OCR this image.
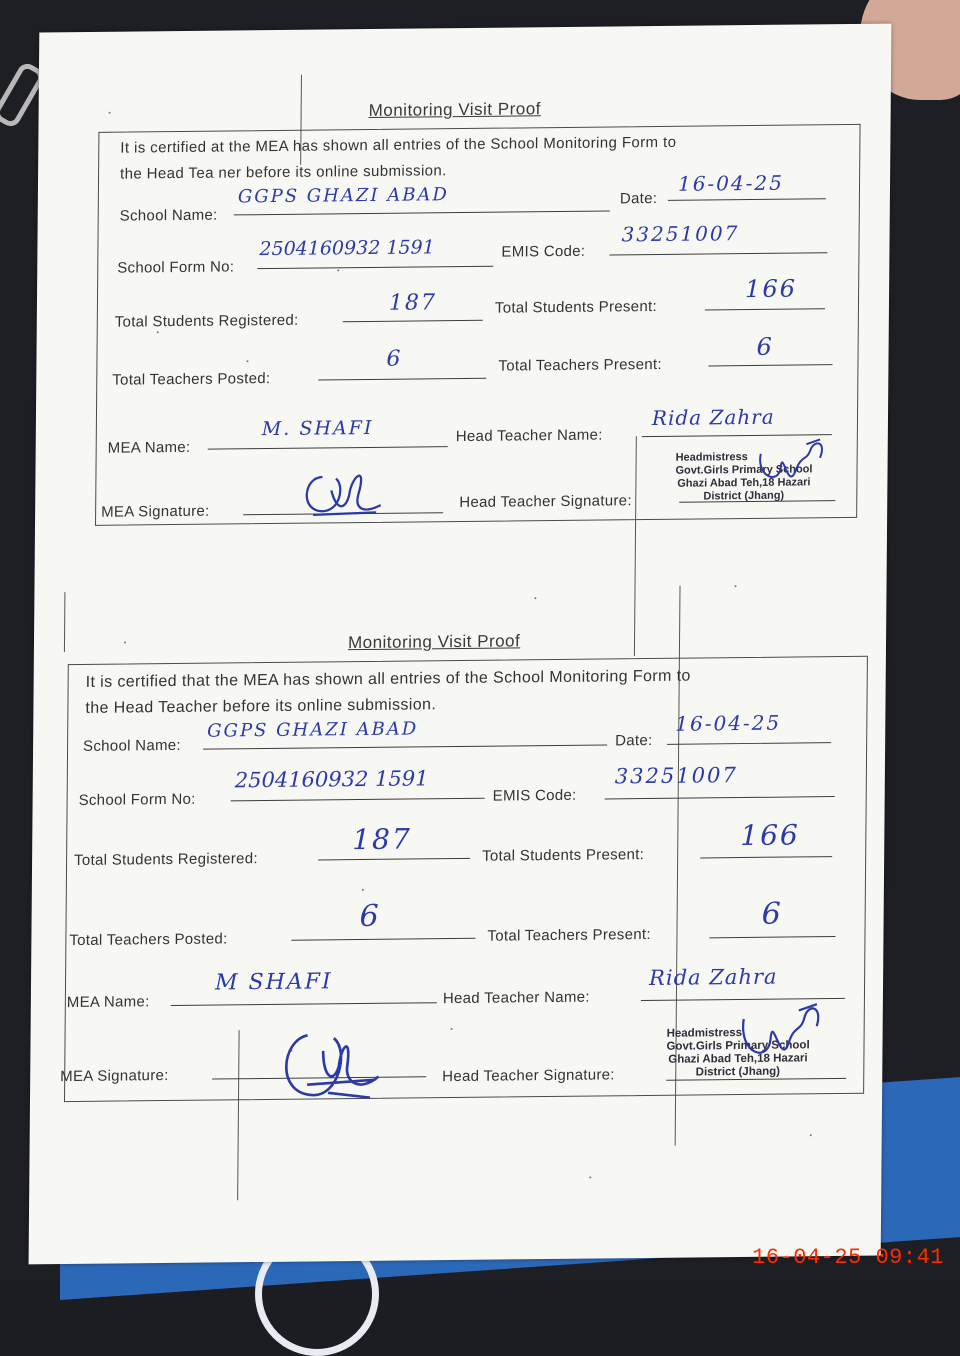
Monitoring Visit Proof
It is certified at the MEA has shown all entries of the School Monitoring Form to
the Head Tea ner before its online submission.
School Name:
GGPS GHAZI ABAD	Date:
16-04-25
School Form No:
2504160932 1591	EMIS Code:
33251007
Total Students Registered:
187	Total Students Present:
166
Total Teachers Posted:
6	Total Teachers Present:
6
MEA Name:
M. SHAFI	Head Teacher Name:
Rida Zahra
MEA Signature:
Head Teacher Signature:
Headmistress
Govt.Girls Primary School
Ghazi Abad Teh,18 Hazari
District (Jhang)
Monitoring Visit Proof
It is certified that the MEA has shown all entries of the School Monitoring Form to
the Head Teacher before its online submission.
School Name:
GGPS GHAZI ABAD	Date:
16-04-25
School Form No:
2504160932 1591
EMIS Code:
33251007
Total Students Registered:
187	Total Students Present:
166
Total Teachers Posted:
6
Total Teachers Present:
6
MEA Name:
M SHAFI
Head Teacher Name:
Rida Zahra
MEA Signature:	Head Teacher Signature:
Headmistress
Govt.Girls Primary School
Ghazi Abad Teh,18 Hazari
District (Jhang)
16-04-25 09:41
